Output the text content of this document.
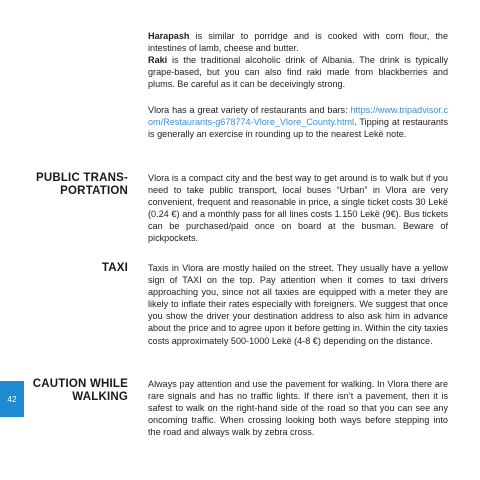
Harapash is similar to porridge and is cooked with corn flour, the intestines of lamb, cheese and butter.

Raki is the traditional alcoholic drink of Albania. The drink is typically grape-based, but you can also find raki made from blackberries and plums. Be careful as it can be deceivingly strong.

Vlora has a great variety of restaurants and bars: https://www.tripadvisor.com/Restaurants-g678774-Vlore_Vlore_County.html. Tipping at restaurants is generally an exercise in rounding up to the nearest Lekë note.

PUBLIC TRANS-
PORTATION

Vlora is a compact city and the best way to get around is to walk but if you need to take public transport, local buses “Urban” in Vlora are very convenient, frequent and reasonable in price, a single ticket costs 30 Lekë (0.24 €) and a monthly pass for all lines costs 1.150 Lekë (9€). Bus tickets can be purchased/paid once on board at the busman. Beware of pickpockets.

TAXI Taxis in Vlora are mostly hailed on the street. They usually have a yellow sign of TAXI on the top. Pay attention when it comes to taxi drivers approaching you, since not all taxies are equipped with a meter they are likely to inflate their rates especially with foreigners. We suggest that once you show the driver your destination address to also ask him in advance about the price and to agree upon it before getting in. Within the city taxies costs approximately 500-1000 Lekë (4-8 €) depending on the distance.

CAUTION WHILE
WALKING

Always pay attention and use the pavement for walking. In Vlora there are rare signals and has no traffic lights. If there isn’t a pavement, then it is safest to walk on the right-hand side of the road so that you can see any oncoming traffic. When crossing looking both ways before stepping into the road and always walk by zebra cross.

42
